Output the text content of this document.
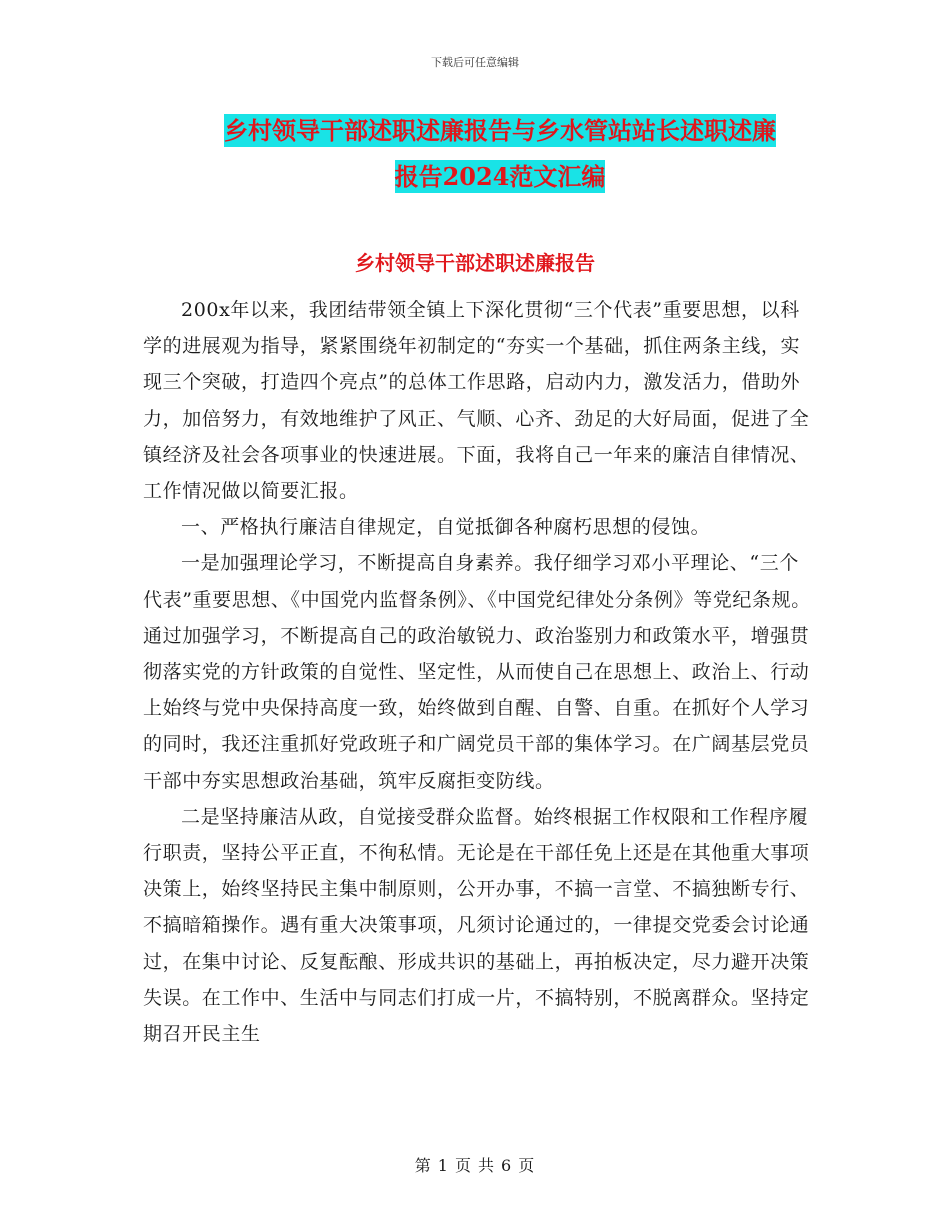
下载后可任意编辑
乡村领导干部述职述廉报告与乡水管站站长述职述廉
报告2024范文汇编
乡村领导干部述职述廉报告

200x年以来，我团结带领全镇上下深化贯彻“三个代表”重要思想，以科学的进展观为指导，紧紧围绕年初制定的“夯实一个基础，抓住两条主线，实现三个突破，打造四个亮点”的总体工作思路，启动内力，激发活力，借助外力，加倍努力，有效地维护了风正、气顺、心齐、劲足的大好局面，促进了全镇经济及社会各项事业的快速进展。下面，我将自己一年来的廉洁自律情况、工作情况做以简要汇报。

一、严格执行廉洁自律规定，自觉抵御各种腐朽思想的侵蚀。

一是加强理论学习，不断提高自身素养。我仔细学习邓小平理论、“三个代表”重要思想、《中国党内监督条例》、《中国党纪律处分条例》等党纪条规。通过加强学习，不断提高自己的政治敏锐力、政治鉴别力和政策水平，增强贯彻落实党的方针政策的自觉性、坚定性，从而使自己在思想上、政治上、行动上始终与党中央保持高度一致，始终做到自醒、自警、自重。在抓好个人学习的同时，我还注重抓好党政班子和广阔党员干部的集体学习。在广阔基层党员干部中夯实思想政治基础，筑牢反腐拒变防线。

二是坚持廉洁从政，自觉接受群众监督。始终根据工作权限和工作程序履行职责，坚持公平正直，不徇私情。无论是在干部任免上还是在其他重大事项决策上，始终坚持民主集中制原则，公开办事，不搞一言堂、不搞独断专行、不搞暗箱操作。遇有重大决策事项，凡须讨论通过的，一律提交党委会讨论通过，在集中讨论、反复酝酿、形成共识的基础上，再拍板决定，尽力避开决策失误。在工作中、生活中与同志们打成一片，不搞特别，不脱离群众。坚持定期召开民主生

第 1 页 共 6 页
